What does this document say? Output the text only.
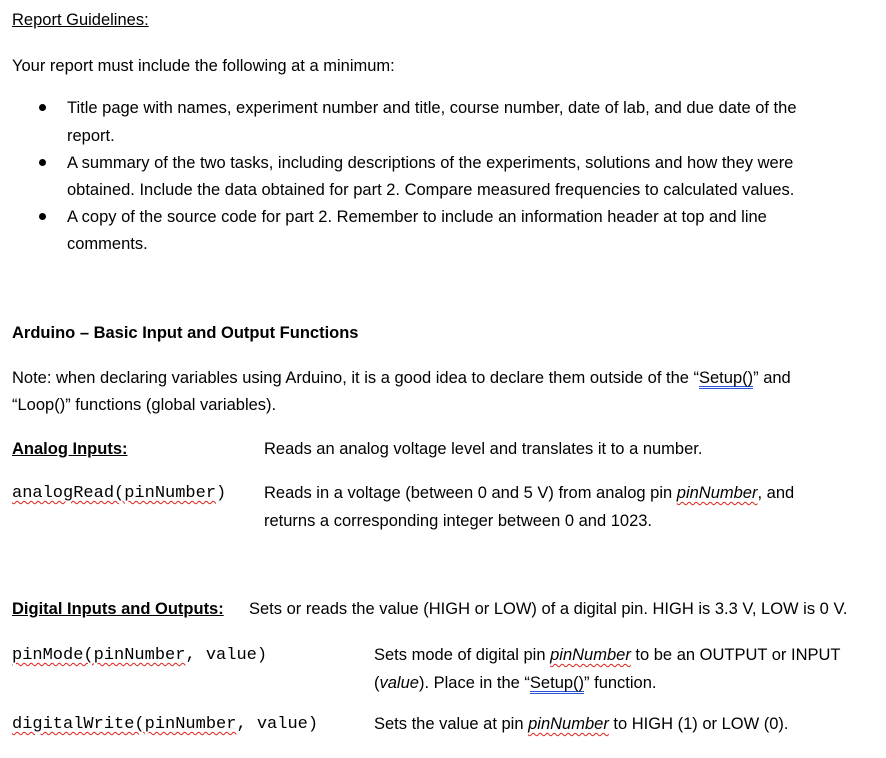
Report Guidelines:
Your report must include the following at a minimum:
Title page with names, experiment number and title, course number, date of lab, and due date of the
report.
A summary of the two tasks, including descriptions of the experiments, solutions and how they were
obtained. Include the data obtained for part 2. Compare measured frequencies to calculated values.
A copy of the source code for part 2. Remember to include an information header at top and line
comments.
Arduino – Basic Input and Output Functions
Note: when declaring variables using Arduino, it is a good idea to declare them outside of the “Setup()” and
“Loop()” functions (global variables).
Analog Inputs:	Reads an analog voltage level and translates it to a number.
analogRead(pinNumber) Reads in a voltage (between 0 and 5 V) from analog pin pinNumber, and
returns a corresponding integer between 0 and 1023.
Digital Inputs and Outputs: Sets or reads the value (HIGH or LOW) of a digital pin. HIGH is 3.3 V, LOW is 0 V.
pinMode(pinNumber, value)	Sets mode of digital pin pinNumber to be an OUTPUT or INPUT
(value). Place in the “Setup()” function.
digitalWrite(pinNumber, value)	Sets the value at pin pinNumber to HIGH (1) or LOW (0).
